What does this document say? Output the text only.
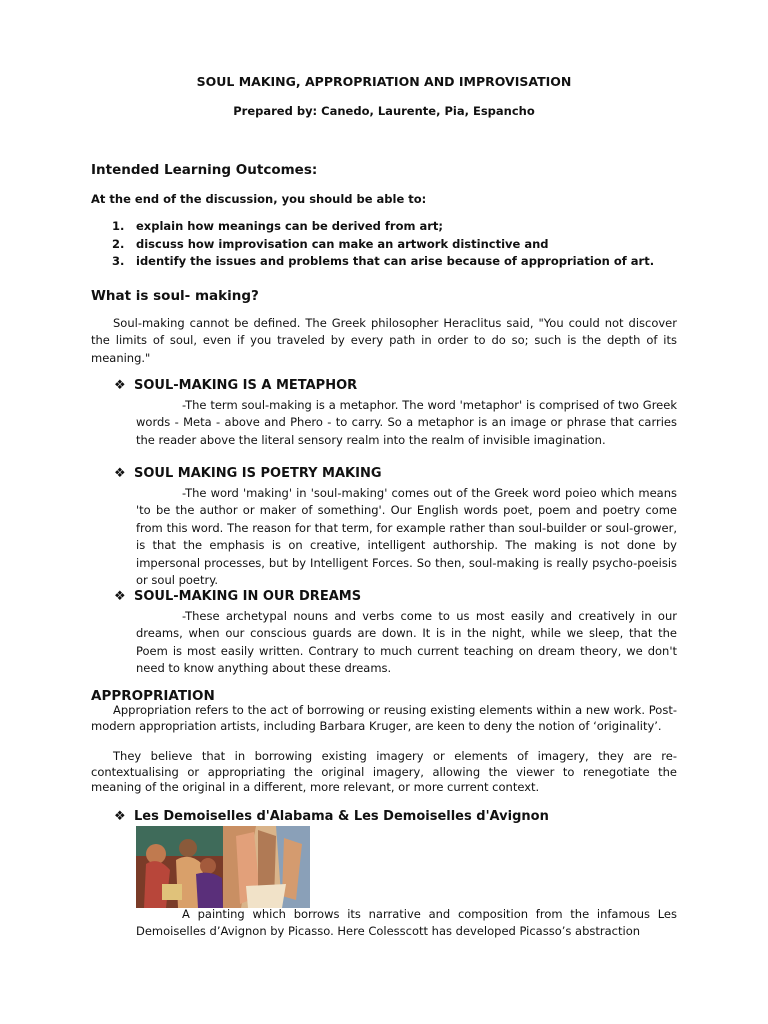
SOUL MAKING, APPROPRIATION AND IMPROVISATION
Prepared by: Canedo, Laurente, Pia, Espancho
Intended Learning Outcomes:
At the end of the discussion, you should be able to:
1. explain how meanings can be derived from art;
2. discuss how improvisation can make an artwork distinctive and
3. identify the issues and problems that can arise because of appropriation of art.
What is soul- making?
Soul-making cannot be defined. The Greek philosopher Heraclitus said, "You could not discover the limits of soul, even if you traveled by every path in order to do so; such is the depth of its meaning."
❖ SOUL-MAKING IS A METAPHOR
-The term soul-making is a metaphor. The word 'metaphor' is comprised of two Greek words - Meta - above and Phero - to carry. So a metaphor is an image or phrase that carries the reader above the literal sensory realm into the realm of invisible imagination.
❖ SOUL MAKING IS POETRY MAKING
-The word 'making' in 'soul-making' comes out of the Greek word poieo which means 'to be the author or maker of something'. Our English words poet, poem and poetry come from this word. The reason for that term, for example rather than soul-builder or soul-grower, is that the emphasis is on creative, intelligent authorship. The making is not done by impersonal processes, but by Intelligent Forces. So then, soul-making is really psycho-poeisis or soul poetry.
❖ SOUL-MAKING IN OUR DREAMS
-These archetypal nouns and verbs come to us most easily and creatively in our dreams, when our conscious guards are down. It is in the night, while we sleep, that the Poem is most easily written. Contrary to much current teaching on dream theory, we don't need to know anything about these dreams.
APPROPRIATION
Appropriation refers to the act of borrowing or reusing existing elements within a new work. Post-modern appropriation artists, including Barbara Kruger, are keen to deny the notion of ‘originality’.
They believe that in borrowing existing imagery or elements of imagery, they are re-contextualising or appropriating the original imagery, allowing the viewer to renegotiate the meaning of the original in a different, more relevant, or more current context.
❖ Les Demoiselles d'Alabama & Les Demoiselles d'Avignon
A painting which borrows its narrative and composition from the infamous Les Demoiselles d’Avignon by Picasso. Here Colesscott has developed Picasso’s abstraction
